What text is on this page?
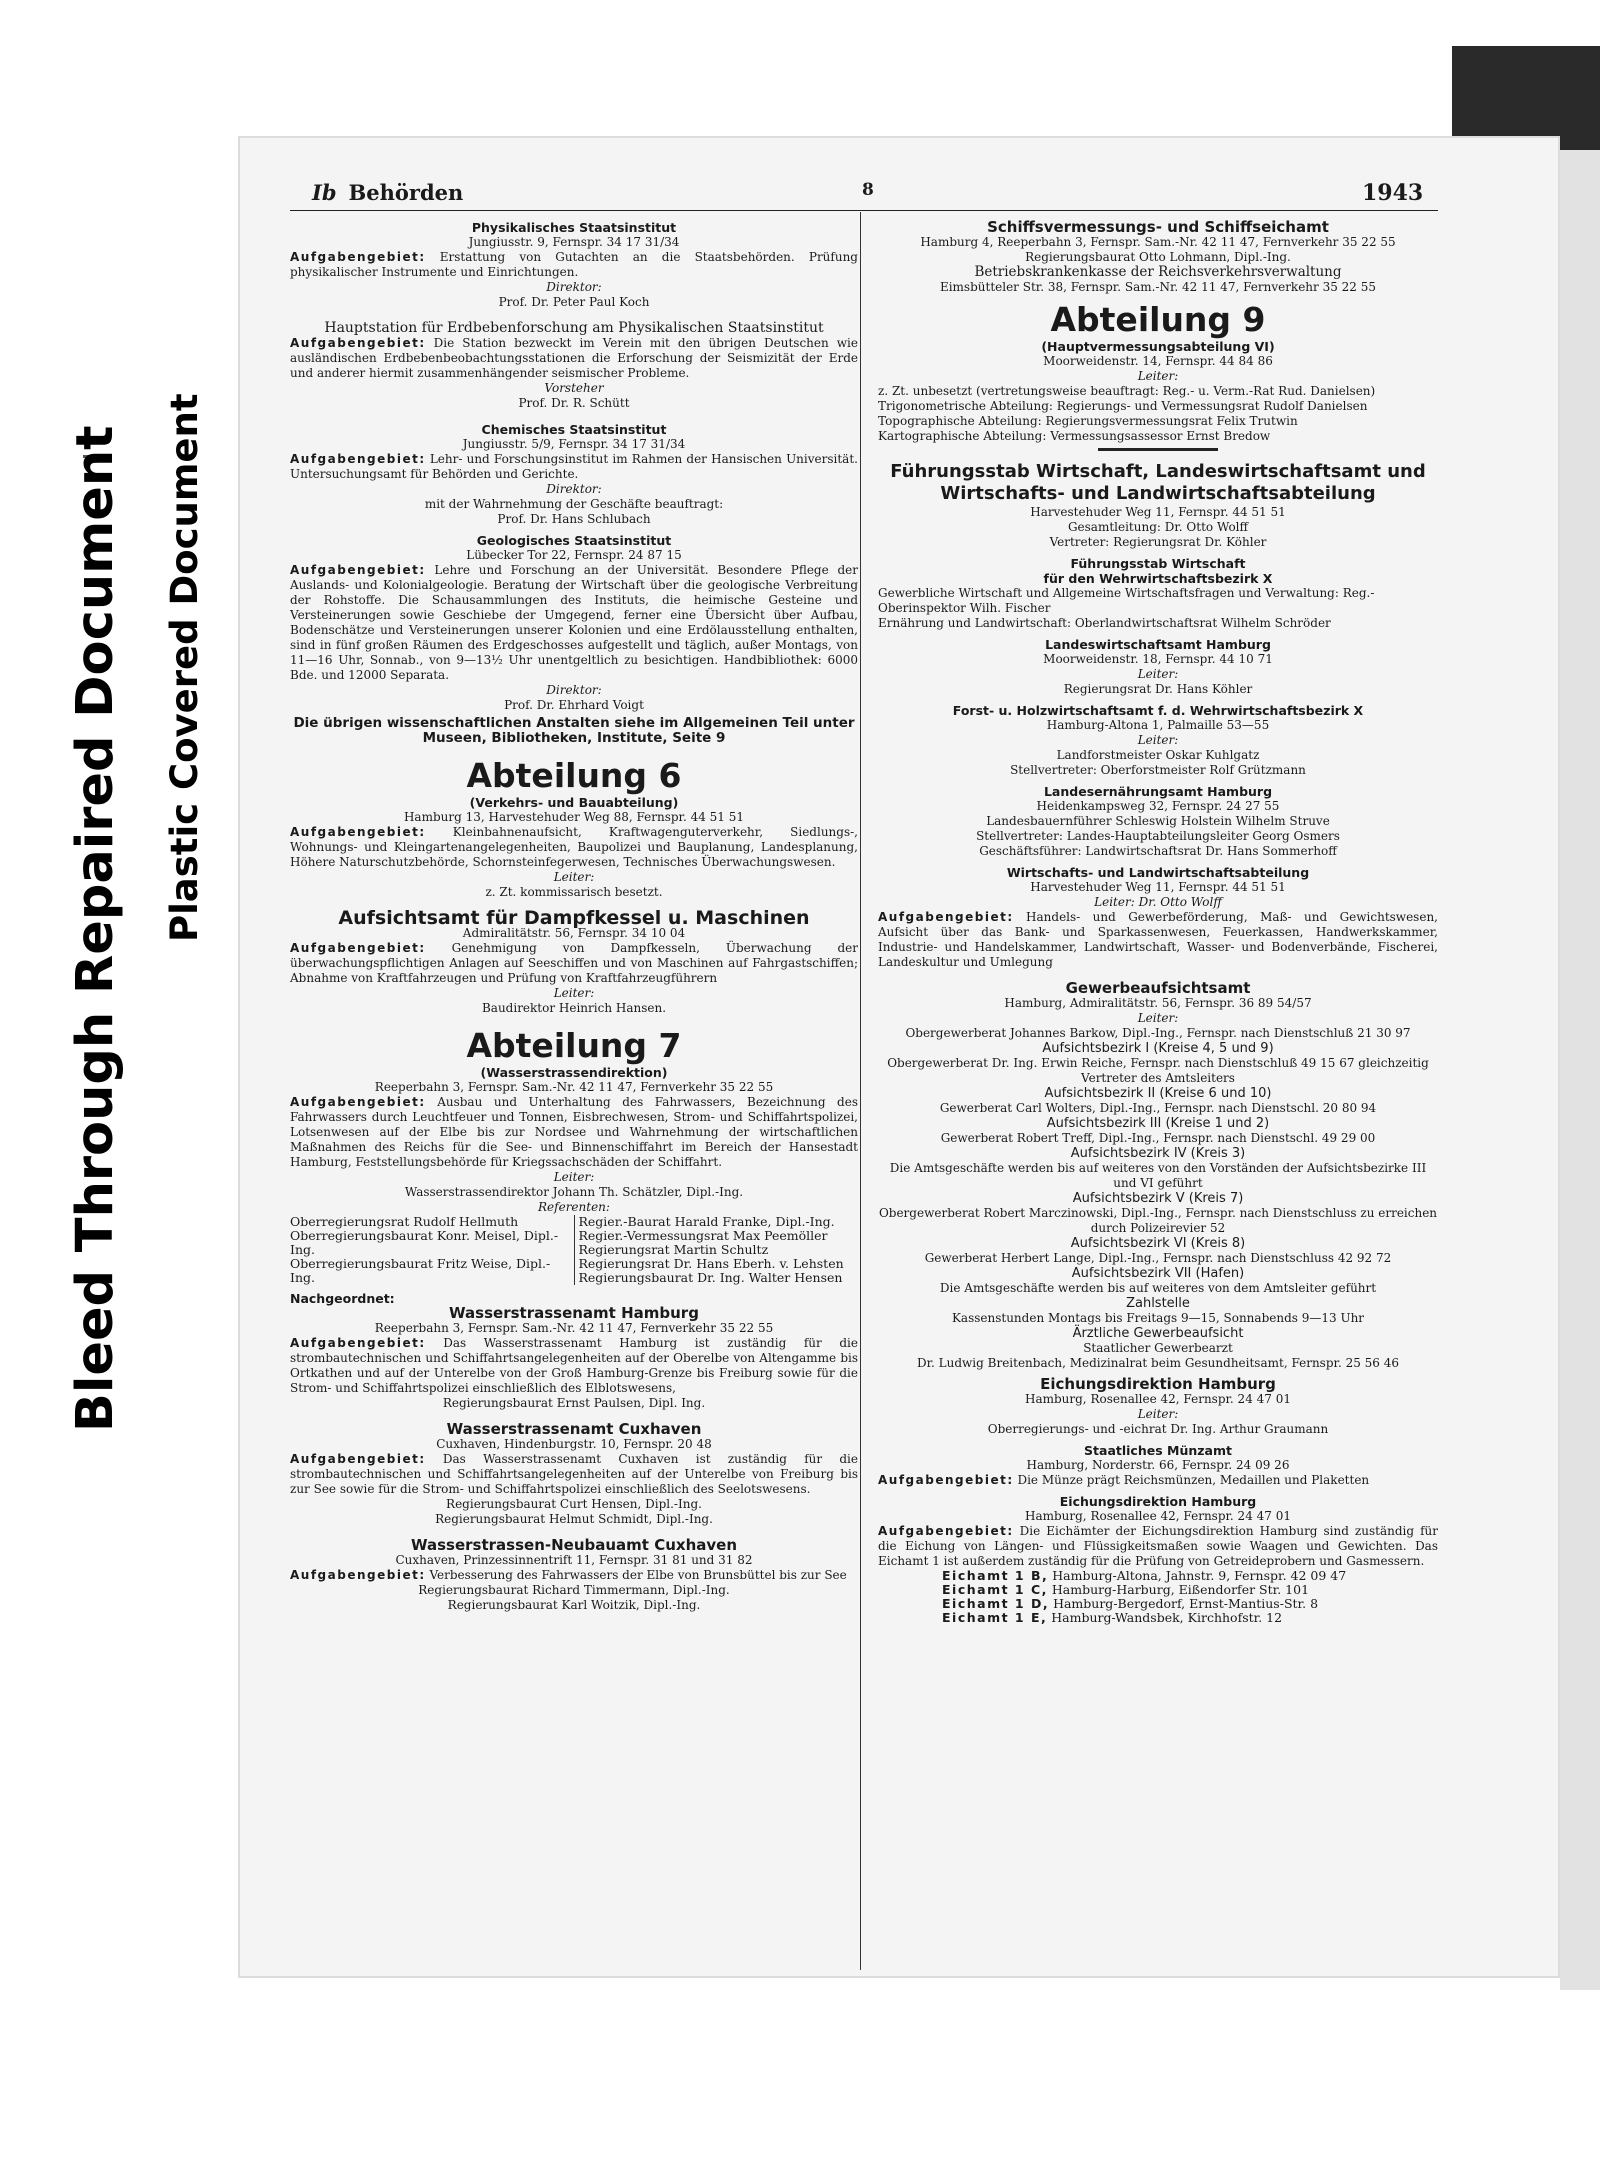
Bleed Through Repaired Document Plastic Covered Document
Ib Behörden	8	1943
Physikalisches Staatsinstitut
Jungiusstr. 9, Fernspr. 34 17 31/34
Aufgabengebiet: Erstattung von Gutachten an die Staatsbehörden. Prüfung physikalischer Instrumente und Einrichtungen.
Direktor:
Prof. Dr. Peter Paul Koch
Hauptstation für Erdbebenforschung am Physikalischen Staatsinstitut
Aufgabengebiet: Die Station bezweckt im Verein mit den übrigen Deutschen wie ausländischen Erdbebenbeobachtungsstationen die Erforschung der Seismizität der Erde und anderer hiermit zusammenhängender seismischer Probleme.
Vorsteher
Prof. Dr. R. Schütt
Chemisches Staatsinstitut
Jungiusstr. 5/9, Fernspr. 34 17 31/34
Aufgabengebiet: Lehr- und Forschungsinstitut im Rahmen der Hansischen Universität. Untersuchungsamt für Behörden und Gerichte.
Direktor:
mit der Wahrnehmung der Geschäfte beauftragt:
Prof. Dr. Hans Schlubach
Geologisches Staatsinstitut
Lübecker Tor 22, Fernspr. 24 87 15
Aufgabengebiet: Lehre und Forschung an der Universität. Besondere Pflege der Auslands- und Kolonialgeologie. Beratung der Wirtschaft über die geologische Verbreitung der Rohstoffe. Die Schausammlungen des Instituts, die heimische Gesteine und Versteinerungen sowie Geschiebe der Umgegend, ferner eine Übersicht über Aufbau, Bodenschätze und Versteinerungen unserer Kolonien und eine Erdölausstellung enthalten, sind in fünf großen Räumen des Erdgeschosses aufgestellt und täglich, außer Montags, von 11—16 Uhr, Sonnab., von 9—13½ Uhr unentgeltlich zu besichtigen. Handbibliothek: 6000 Bde. und 12000 Separata.
Direktor:
Prof. Dr. Ehrhard Voigt
Die übrigen wissenschaftlichen Anstalten siehe im Allgemeinen Teil unter Museen, Bibliotheken, Institute, Seite 9
Abteilung 6
(Verkehrs- und Bauabteilung)
Hamburg 13, Harvestehuder Weg 88, Fernspr. 44 51 51
Aufgabengebiet: Kleinbahnenaufsicht, Kraftwagenguterverkehr, Siedlungs-, Wohnungs- und Kleingartenangelegenheiten, Baupolizei und Bauplanung, Landesplanung, Höhere Naturschutzbehörde, Schornsteinfegerwesen, Technisches Überwachungswesen.
Leiter:
z. Zt. kommissarisch besetzt.
Aufsichtsamt für Dampfkessel u. Maschinen
Admiralitätstr. 56, Fernspr. 34 10 04
Aufgabengebiet: Genehmigung von Dampfkesseln, Überwachung der überwachungspflichtigen Anlagen auf Seeschiffen und von Maschinen auf Fahrgastschiffen; Abnahme von Kraftfahrzeugen und Prüfung von Kraftfahrzeugführern
Leiter:
Baudirektor Heinrich Hansen.
Abteilung 7
(Wasserstrassendirektion)
Reeperbahn 3, Fernspr. Sam.-Nr. 42 11 47, Fernverkehr 35 22 55
Aufgabengebiet: Ausbau und Unterhaltung des Fahrwassers, Bezeichnung des Fahrwassers durch Leuchtfeuer und Tonnen, Eisbrechwesen, Strom- und Schiffahrtspolizei, Lotsenwesen auf der Elbe bis zur Nordsee und Wahrnehmung der wirtschaftlichen Maßnahmen des Reichs für die See- und Binnenschiffahrt im Bereich der Hansestadt Hamburg, Feststellungsbehörde für Kriegssachschäden der Schiffahrt.
Leiter:
Wasserstrassendirektor Johann Th. Schätzler, Dipl.-Ing.
Referenten:
Oberregierungsrat Rudolf Hellmuth
Oberregierungsbaurat Konr. Meisel, Dipl.-Ing.
Oberregierungsbaurat Fritz Weise, Dipl.-Ing.
Regier.-Baurat Harald Franke, Dipl.-Ing.
Regier.-Vermessungsrat Max Peemöller
Regierungsrat Martin Schultz
Regierungsrat Dr. Hans Eberh. v. Lehsten
Regierungsbaurat Dr. Ing. Walter Hensen
Nachgeordnet:
Wasserstrassenamt Hamburg
Reeperbahn 3, Fernspr. Sam.-Nr. 42 11 47, Fernverkehr 35 22 55
Aufgabengebiet: Das Wasserstrassenamt Hamburg ist zuständig für die strombautechnischen und Schiffahrtsangelegenheiten auf der Oberelbe von Altengamme bis Ortkathen und auf der Unterelbe von der Groß Hamburg-Grenze bis Freiburg sowie für die Strom- und Schiffahrtspolizei einschließlich des Elblotswesens,
Regierungsbaurat Ernst Paulsen, Dipl. Ing.
Wasserstrassenamt Cuxhaven
Cuxhaven, Hindenburgstr. 10, Fernspr. 20 48
Aufgabengebiet: Das Wasserstrassenamt Cuxhaven ist zuständig für die strombautechnischen und Schiffahrtsangelegenheiten auf der Unterelbe von Freiburg bis zur See sowie für die Strom- und Schiffahrtspolizei einschließlich des Seelotswesens.
Regierungsbaurat Curt Hensen, Dipl.-Ing.
Regierungsbaurat Helmut Schmidt, Dipl.-Ing.
Wasserstrassen-Neubauamt Cuxhaven
Cuxhaven, Prinzessinnentrift 11, Fernspr. 31 81 und 31 82
Aufgabengebiet: Verbesserung des Fahrwassers der Elbe von Brunsbüttel bis zur See
Regierungsbaurat Richard Timmermann, Dipl.-Ing.
Regierungsbaurat Karl Woitzik, Dipl.-Ing.
Schiffsvermessungs- und Schiffseichamt
Hamburg 4, Reeperbahn 3, Fernspr. Sam.-Nr. 42 11 47, Fernverkehr 35 22 55
Regierungsbaurat Otto Lohmann, Dipl.-Ing.
Betriebskrankenkasse der Reichsverkehrsverwaltung
Eimsbütteler Str. 38, Fernspr. Sam.-Nr. 42 11 47, Fernverkehr 35 22 55
Abteilung 9
(Hauptvermessungsabteilung VI)
Moorweidenstr. 14, Fernspr. 44 84 86
Leiter:
z. Zt. unbesetzt (vertretungsweise beauftragt: Reg.- u. Verm.-Rat Rud. Danielsen)
Trigonometrische Abteilung: Regierungs- und Vermessungsrat Rudolf Danielsen
Topographische Abteilung: Regierungsvermessungsrat Felix Trutwin
Kartographische Abteilung: Vermessungsassessor Ernst Bredow
Führungsstab Wirtschaft, Landeswirtschaftsamt und Wirtschafts- und Landwirtschaftsabteilung
Harvestehuder Weg 11, Fernspr. 44 51 51
Gesamtleitung: Dr. Otto Wolff
Vertreter: Regierungsrat Dr. Köhler
Führungsstab Wirtschaft
für den Wehrwirtschaftsbezirk X
Gewerbliche Wirtschaft und Allgemeine Wirtschaftsfragen und Verwaltung: Reg.-Oberinspektor Wilh. Fischer
Ernährung und Landwirtschaft: Oberlandwirtschaftsrat Wilhelm Schröder
Landeswirtschaftsamt Hamburg
Moorweidenstr. 18, Fernspr. 44 10 71
Leiter:
Regierungsrat Dr. Hans Köhler
Forst- u. Holzwirtschaftsamt f. d. Wehrwirtschaftsbezirk X
Hamburg-Altona 1, Palmaille 53—55
Leiter:
Landforstmeister Oskar Kuhlgatz
Stellvertreter: Oberforstmeister Rolf Grützmann
Landesernährungsamt Hamburg
Heidenkampsweg 32, Fernspr. 24 27 55
Landesbauernführer Schleswig Holstein Wilhelm Struve
Stellvertreter: Landes-Hauptabteilungsleiter Georg Osmers
Geschäftsführer: Landwirtschaftsrat Dr. Hans Sommerhoff
Wirtschafts- und Landwirtschaftsabteilung
Harvestehuder Weg 11, Fernspr. 44 51 51
Leiter: Dr. Otto Wolff
Aufgabengebiet: Handels- und Gewerbeförderung, Maß- und Gewichtswesen, Aufsicht über das Bank- und Sparkassenwesen, Feuerkassen, Handwerkskammer, Industrie- und Handelskammer, Landwirtschaft, Wasser- und Bodenverbände, Fischerei, Landeskultur und Umlegung
Gewerbeaufsichtsamt
Hamburg, Admiralitätstr. 56, Fernspr. 36 89 54/57
Leiter:
Obergewerberat Johannes Barkow, Dipl.-Ing., Fernspr. nach Dienstschluß 21 30 97
Aufsichtsbezirk I (Kreise 4, 5 und 9)
Obergewerberat Dr. Ing. Erwin Reiche, Fernspr. nach Dienstschluß 49 15 67 gleichzeitig Vertreter des Amtsleiters
Aufsichtsbezirk II (Kreise 6 und 10)
Gewerberat Carl Wolters, Dipl.-Ing., Fernspr. nach Dienstschl. 20 80 94
Aufsichtsbezirk III (Kreise 1 und 2)
Gewerberat Robert Treff, Dipl.-Ing., Fernspr. nach Dienstschl. 49 29 00
Aufsichtsbezirk IV (Kreis 3)
Die Amtsgeschäfte werden bis auf weiteres von den Vorständen der Aufsichtsbezirke III und VI geführt
Aufsichtsbezirk V (Kreis 7)
Obergewerberat Robert Marczinowski, Dipl.-Ing., Fernspr. nach Dienstschluss zu erreichen durch Polizeirevier 52
Aufsichtsbezirk VI (Kreis 8)
Gewerberat Herbert Lange, Dipl.-Ing., Fernspr. nach Dienstschluss 42 92 72
Aufsichtsbezirk VII (Hafen)
Die Amtsgeschäfte werden bis auf weiteres von dem Amtsleiter geführt
Zahlstelle
Kassenstunden Montags bis Freitags 9—15, Sonnabends 9—13 Uhr
Ärztliche Gewerbeaufsicht
Staatlicher Gewerbearzt
Dr. Ludwig Breitenbach, Medizinalrat beim Gesundheitsamt, Fernspr. 25 56 46
Eichungsdirektion Hamburg
Hamburg, Rosenallee 42, Fernspr. 24 47 01
Leiter:
Oberregierungs- und -eichrat Dr. Ing. Arthur Graumann
Staatliches Münzamt
Hamburg, Norderstr. 66, Fernspr. 24 09 26
Aufgabengebiet: Die Münze prägt Reichsmünzen, Medaillen und Plaketten
Eichungsdirektion Hamburg
Hamburg, Rosenallee 42, Fernspr. 24 47 01
Aufgabengebiet: Die Eichämter der Eichungsdirektion Hamburg sind zuständig für die Eichung von Längen- und Flüssigkeitsmaßen sowie Waagen und Gewichten. Das Eichamt 1 ist außerdem zuständig für die Prüfung von Getreideprobern und Gasmessern.
Eichamt 1 B, Hamburg-Altona, Jahnstr. 9, Fernspr. 42 09 47
Eichamt 1 C, Hamburg-Harburg, Eißendorfer Str. 101
Eichamt 1 D, Hamburg-Bergedorf, Ernst-Mantius-Str. 8
Eichamt 1 E, Hamburg-Wandsbek, Kirchhofstr. 12
